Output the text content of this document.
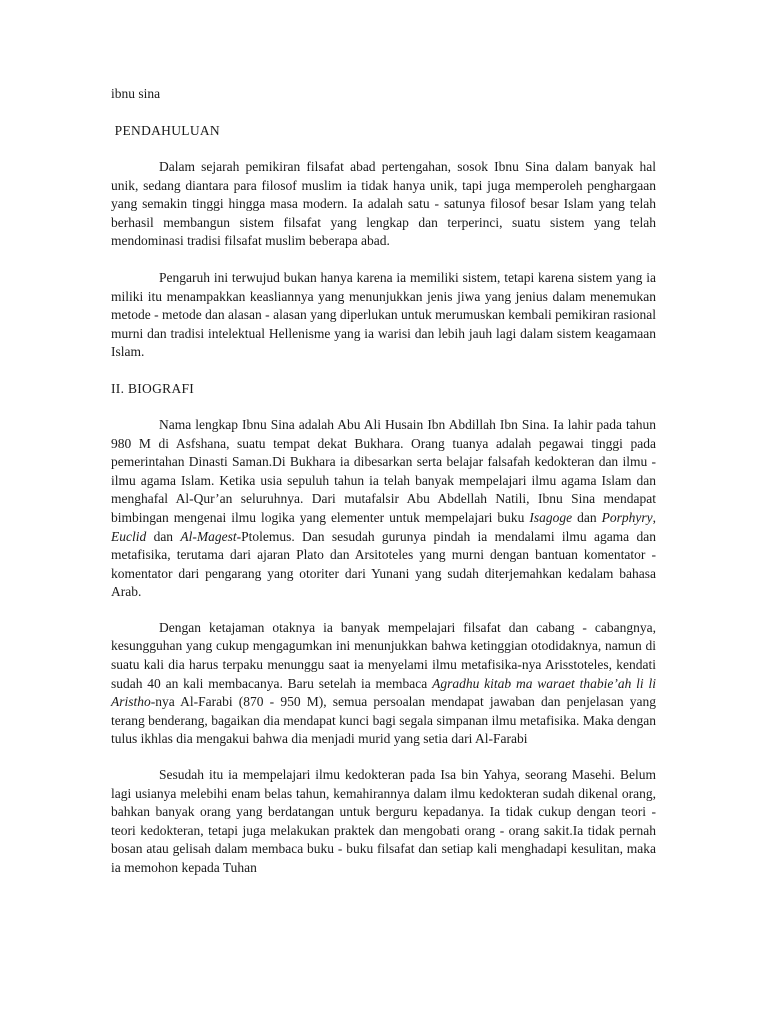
ibnu sina

PENDAHULUAN

Dalam sejarah pemikiran filsafat abad pertengahan, sosok Ibnu Sina dalam banyak hal unik, sedang diantara para filosof muslim ia tidak hanya unik, tapi juga memperoleh penghargaan yang semakin tinggi hingga masa modern. Ia adalah satu - satunya filosof besar Islam yang telah berhasil membangun sistem filsafat yang lengkap dan terperinci, suatu sistem yang telah mendominasi tradisi filsafat muslim beberapa abad.

Pengaruh ini terwujud bukan hanya karena ia memiliki sistem, tetapi karena sistem yang ia miliki itu menampakkan keasliannya yang menunjukkan jenis jiwa yang jenius dalam menemukan metode - metode dan alasan - alasan yang diperlukan untuk merumuskan kembali pemikiran rasional murni dan tradisi intelektual Hellenisme yang ia warisi dan lebih jauh lagi dalam sistem keagamaan Islam.

II. BIOGRAFI

Nama lengkap Ibnu Sina adalah Abu Ali Husain Ibn Abdillah Ibn Sina. Ia lahir pada tahun 980 M di Asfshana, suatu tempat dekat Bukhara. Orang tuanya adalah pegawai tinggi pada pemerintahan Dinasti Saman.Di Bukhara ia dibesarkan serta belajar falsafah kedokteran dan ilmu - ilmu agama Islam. Ketika usia sepuluh tahun ia telah banyak mempelajari ilmu agama Islam dan menghafal Al-Qur’an seluruhnya. Dari mutafalsir Abu Abdellah Natili, Ibnu Sina mendapat bimbingan mengenai ilmu logika yang elementer untuk mempelajari buku Isagoge dan Porphyry, Euclid dan Al-Magest-Ptolemus. Dan sesudah gurunya pindah ia mendalami ilmu agama dan metafisika, terutama dari ajaran Plato dan Arsitoteles yang murni dengan bantuan komentator - komentator dari pengarang yang otoriter dari Yunani yang sudah diterjemahkan kedalam bahasa Arab.

Dengan ketajaman otaknya ia banyak mempelajari filsafat dan cabang - cabangnya, kesungguhan yang cukup mengagumkan ini menunjukkan bahwa ketinggian otodidaknya, namun di suatu kali dia harus terpaku menunggu saat ia menyelami ilmu metafisika-nya Arisstoteles, kendati sudah 40 an kali membacanya. Baru setelah ia membaca Agradhu kitab ma waraet thabie’ah li li Aristho-nya Al-Farabi (870 - 950 M), semua persoalan mendapat jawaban dan penjelasan yang terang benderang, bagaikan dia mendapat kunci bagi segala simpanan ilmu metafisika. Maka dengan tulus ikhlas dia mengakui bahwa dia menjadi murid yang setia dari Al-Farabi

Sesudah itu ia mempelajari ilmu kedokteran pada Isa bin Yahya, seorang Masehi. Belum lagi usianya melebihi enam belas tahun, kemahirannya dalam ilmu kedokteran sudah dikenal orang, bahkan banyak orang yang berdatangan untuk berguru kepadanya. Ia tidak cukup dengan teori - teori kedokteran, tetapi juga melakukan praktek dan mengobati orang - orang sakit.Ia tidak pernah bosan atau gelisah dalam membaca buku - buku filsafat dan setiap kali menghadapi kesulitan, maka ia memohon kepada Tuhan
